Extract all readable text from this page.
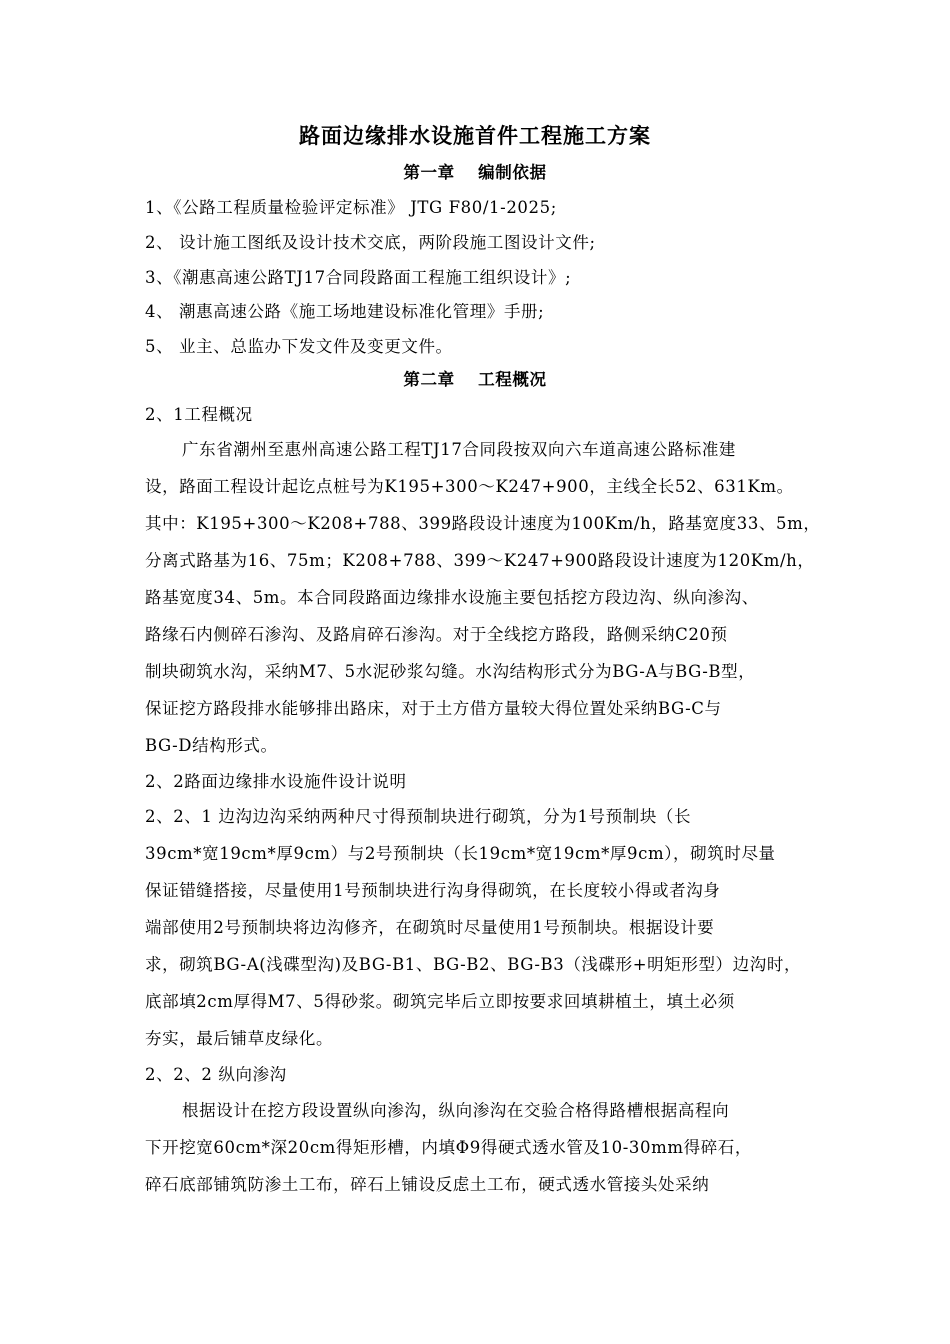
路面边缘排水设施首件工程施工方案
第一章　 编制依据
1、《公路工程质量检验评定标准》 JTG F80/1-2025;
2、 设计施工图纸及设计技术交底，两阶段施工图设计文件;
3、《潮惠高速公路TJ17合同段路面工程施工组织设计》;
4、 潮惠高速公路《施工场地建设标准化管理》手册;
5、 业主、总监办下发文件及变更文件。
第二章　 工程概况
2、1工程概况
广东省潮州至惠州高速公路工程TJ17合同段按双向六车道高速公路标准建
设，路面工程设计起讫点桩号为K195+300～K247+900，主线全长52、631Km。
其中：K195+300～K208+788、399路段设计速度为100Km/h，路基宽度33、5m，
分离式路基为16、75m；K208+788、399～K247+900路段设计速度为120Km/h，
路基宽度34、5m。本合同段路面边缘排水设施主要包括挖方段边沟、纵向渗沟、
路缘石内侧碎石渗沟、及路肩碎石渗沟。对于全线挖方路段，路侧采纳C20预
制块砌筑水沟，采纳M7、5水泥砂浆勾缝。水沟结构形式分为BG-A与BG-B型，
保证挖方路段排水能够排出路床，对于土方借方量较大得位置处采纳BG-C与
BG-D结构形式。
2、2路面边缘排水设施件设计说明
2、2、1 边沟边沟采纳两种尺寸得预制块进行砌筑，分为1号预制块（长
39cm*宽19cm*厚9cm）与2号预制块（长19cm*宽19cm*厚9cm），砌筑时尽量
保证错缝搭接，尽量使用1号预制块进行沟身得砌筑，在长度较小得或者沟身
端部使用2号预制块将边沟修齐，在砌筑时尽量使用1号预制块。根据设计要
求，砌筑BG-A(浅碟型沟)及BG-B1、BG-B2、BG-B3（浅碟形+明矩形型）边沟时，
底部填2cm厚得M7、5得砂浆。砌筑完毕后立即按要求回填耕植土，填土必须
夯实，最后铺草皮绿化。
2、2、2 纵向渗沟
根据设计在挖方段设置纵向渗沟，纵向渗沟在交验合格得路槽根据高程向
下开挖宽60cm*深20cm得矩形槽，内填Φ9得硬式透水管及10-30mm得碎石，
碎石底部铺筑防渗土工布，碎石上铺设反虑土工布，硬式透水管接头处采纳
